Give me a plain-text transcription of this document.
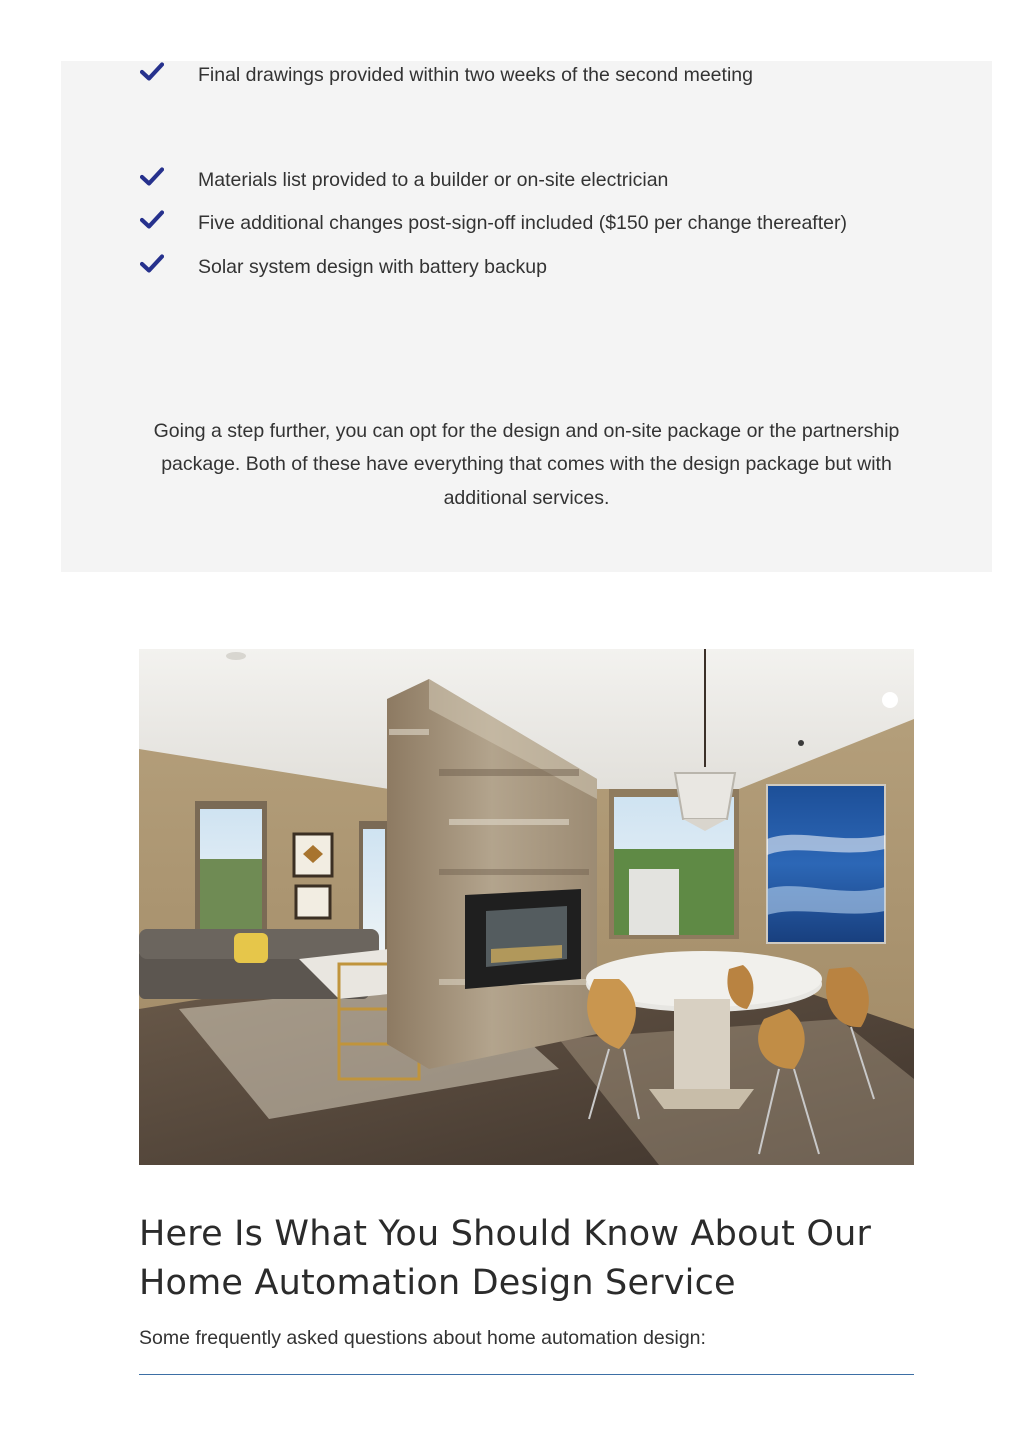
Final drawings provided within two weeks of the second meeting
Materials list provided to a builder or on-site electrician
Five additional changes post-sign-off included ($150 per change thereafter)
Solar system design with battery backup

Going a step further, you can opt for the design and on-site package or the partnership package. Both of these have everything that comes with the design package but with additional services.

Here Is What You Should Know About Our Home Automation Design Service

Some frequently asked questions about home automation design:
